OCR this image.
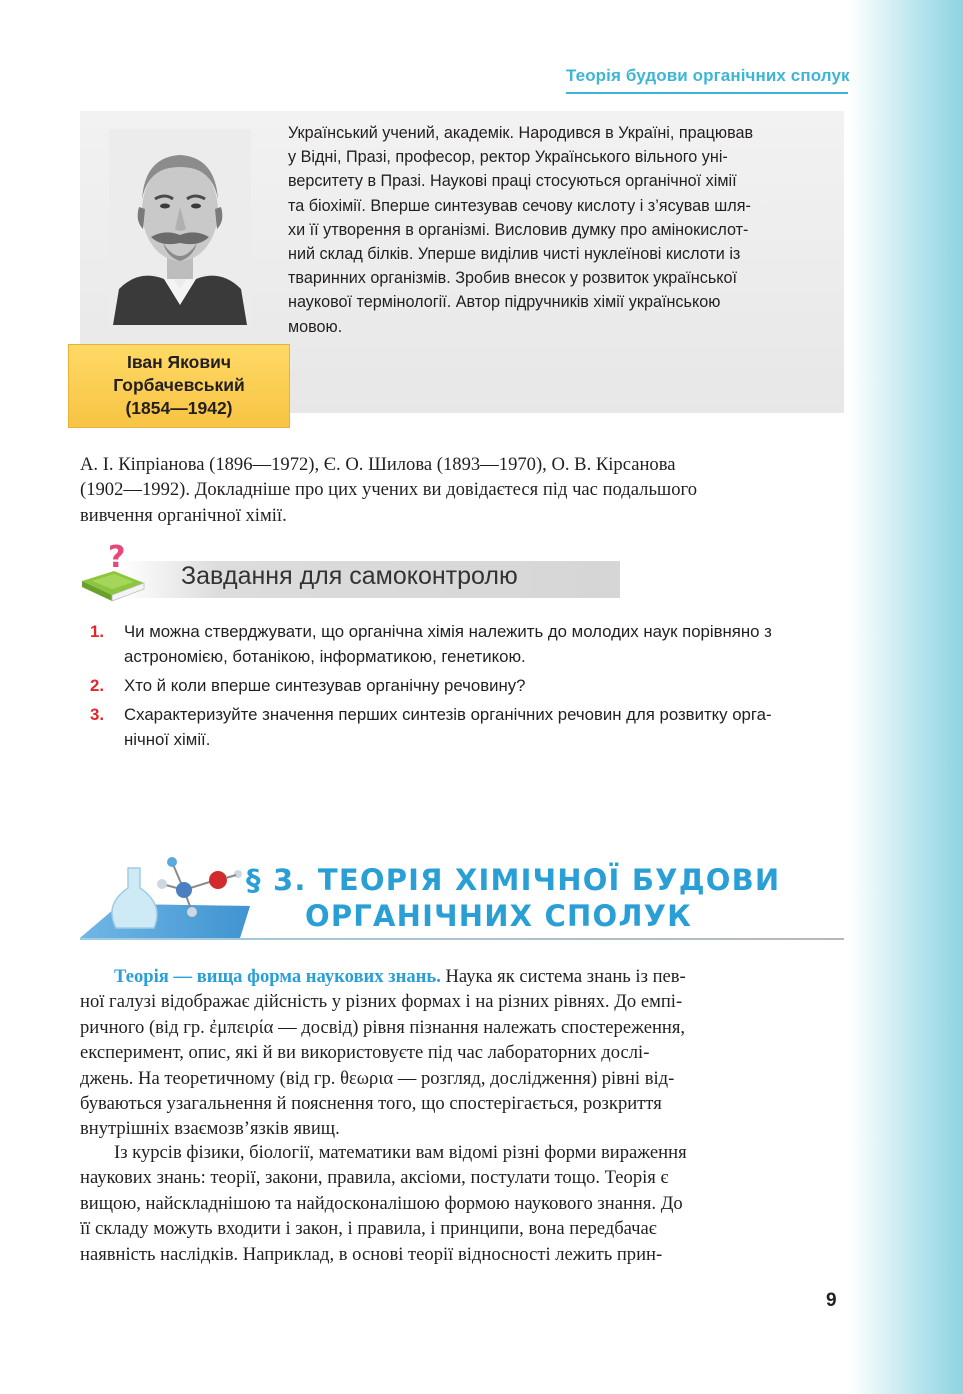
Теорія будови органічних сполук

Український учений, академік. Народився в Україні, працював

у Відні, Празі, професор, ректор Українського вільного уні-

верситету в Празі. Наукові праці стосуються органічної хімії

та біохімії. Вперше синтезував сечову кислоту і з’ясував шля-

хи її утворення в організмі. Висловив думку про амінокислот-

ний склад білків. Уперше виділив чисті нуклеїнові кислоти із

тваринних організмів. Зробив внесок у розвиток української

наукової термінології. Автор підручників хімії українською

мовою.

Іван Якович
Горбачевський
(1854—1942)

А. І. Кіпріанова (1896—1972), Є. О. Шилова (1893—1970), О. В. Кірсанова

(1902—1992). Докладніше про цих учених ви довідаєтеся під час подальшого

вивчення органічної хімії.

?
Завдання для самоконтролю
1. Чи можна стверджувати, що органічна хімія належить до молодих наук порівняно з
астрономією, ботанікою, інформатикою, генетикою.
2. Хто й коли вперше синтезував органічну речовину?
3. Схарактеризуйте значення перших синтезів органічних речовин для розвитку орга-
нічної хімії.
§ 3. ТЕОРІЯ ХІМІЧНОЇ БУДОВИ
ОРГАНІЧНИХ СПОЛУК

Теорія — вища форма наукових знань. Наука як система знань із пев-

ної галузі відображає дійсність у різних формах і на різних рівнях. До емпі-

ричного (від гр. ἐμπειρία — досвід) рівня пізнання належать спостереження,

експеримент, опис, які й ви використовуєте під час лабораторних дослі-

джень. На теоретичному (від гр. θεωρια — розгляд, дослідження) рівні від-

буваються узагальнення й пояснення того, що спостерігається, розкриття

внутрішніх взаємозв’язків явищ.

Із курсів фізики, біології, математики вам відомі різні форми вираження

наукових знань: теорії, закони, правила, аксіоми, постулати тощо. Теорія є

вищою, найскладнішою та найдосконалішою формою наукового знання. До

її складу можуть входити і закон, і правила, і принципи, вона передбачає

наявність наслідків. Наприклад, в основі теорії відносності лежить прин-

9
